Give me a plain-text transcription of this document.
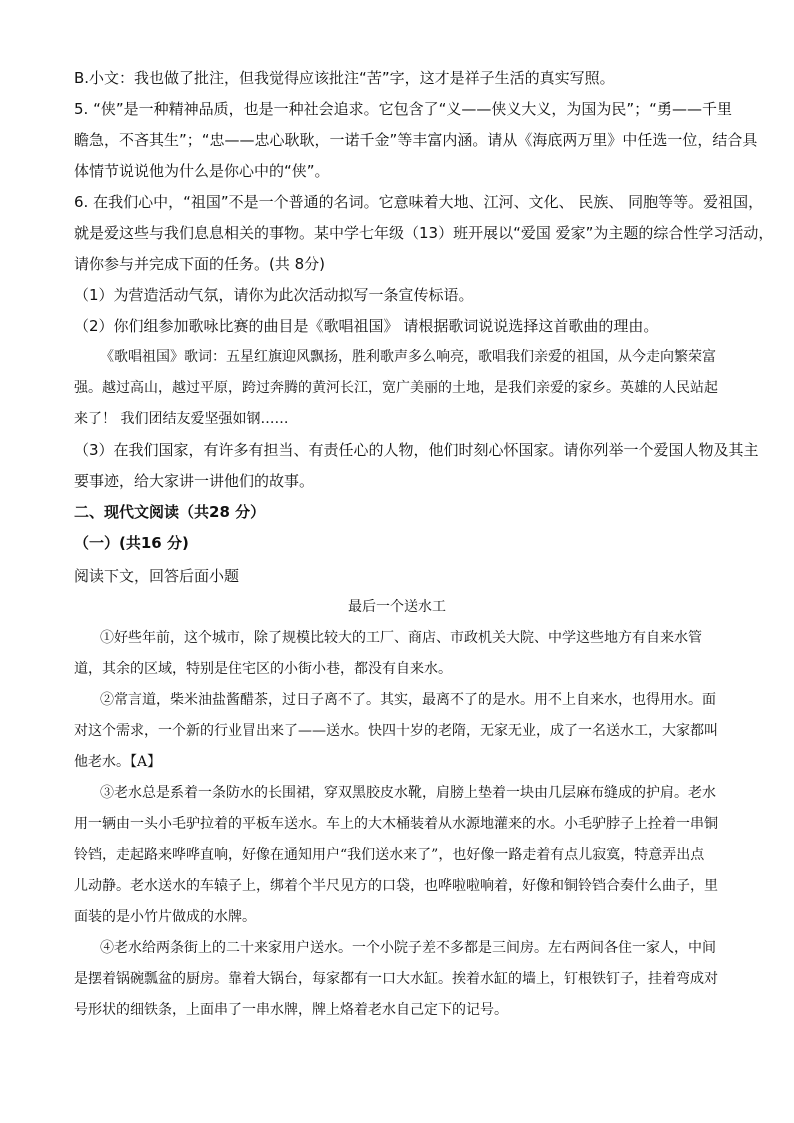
B.小文：我也做了批注，但我觉得应该批注“苦”字，这才是祥子生活的真实写照。
5. “侠”是一种精神品质，也是一种社会追求。它包含了“义——侠义大义，为国为民”；“勇——千里
瞻急，不吝其生”；“忠——忠心耿耿，一诺千金”等丰富内涵。请从《海底两万里》中任选一位，结合具
体情节说说他为什么是你心中的“侠”。
6. 在我们心中，“祖国”不是一个普通的名词。它意味着大地、江河、文化、 民族、 同胞等等。爱祖国，
就是爱这些与我们息息相关的事物。某中学七年级（13）班开展以“爱国 爱家”为主题的综合性学习活动，
请你参与并完成下面的任务。(共 8分)
（1）为营造活动气氛，请你为此次活动拟写一条宣传标语。
（2）你们组参加歌咏比赛的曲目是《歌唱祖国》 请根据歌词说说选择这首歌曲的理由。
《歌唱祖国》歌词：五星红旗迎风飘扬，胜利歌声多么响亮，歌唱我们亲爱的祖国，从今走向繁荣富
强。越过高山，越过平原，跨过奔腾的黄河长江，宽广美丽的土地，是我们亲爱的家乡。英雄的人民站起
来了！ 我们团结友爱坚强如钢……
（3）在我们国家，有许多有担当、有责任心的人物，他们时刻心怀国家。请你列举一个爱国人物及其主
要事迹，给大家讲一讲他们的故事。
二、现代文阅读（共28 分）
（一）(共16 分)
阅读下文，回答后面小题
最后一个送水工
①好些年前，这个城市，除了规模比较大的工厂、商店、市政机关大院、中学这些地方有自来水管
道，其余的区域，特别是住宅区的小街小巷，都没有自来水。
②常言道，柴米油盐酱醋茶，过日子离不了。其实，最离不了的是水。用不上自来水，也得用水。面
对这个需求，一个新的行业冒出来了——送水。快四十岁的老隋，无家无业，成了一名送水工，大家都叫
他老水。【A】
③老水总是系着一条防水的长围裙，穿双黑胶皮水靴，肩膀上垫着一块由几层麻布缝成的护肩。老水
用一辆由一头小毛驴拉着的平板车送水。车上的大木桶装着从水源地灌来的水。小毛驴脖子上拴着一串铜
铃铛，走起路来哗哗直响，好像在通知用户“我们送水来了”，也好像一路走着有点儿寂寞，特意弄出点
儿动静。老水送水的车辕子上，绑着个半尺见方的口袋，也哗啦啦响着，好像和铜铃铛合奏什么曲子，里
面装的是小竹片做成的水牌。
④老水给两条街上的二十来家用户送水。一个小院子差不多都是三间房。左右两间各住一家人，中间
是摆着锅碗瓢盆的厨房。靠着大锅台，每家都有一口大水缸。挨着水缸的墙上，钉根铁钉子，挂着弯成对
号形状的细铁条，上面串了一串水牌，牌上烙着老水自己定下的记号。
